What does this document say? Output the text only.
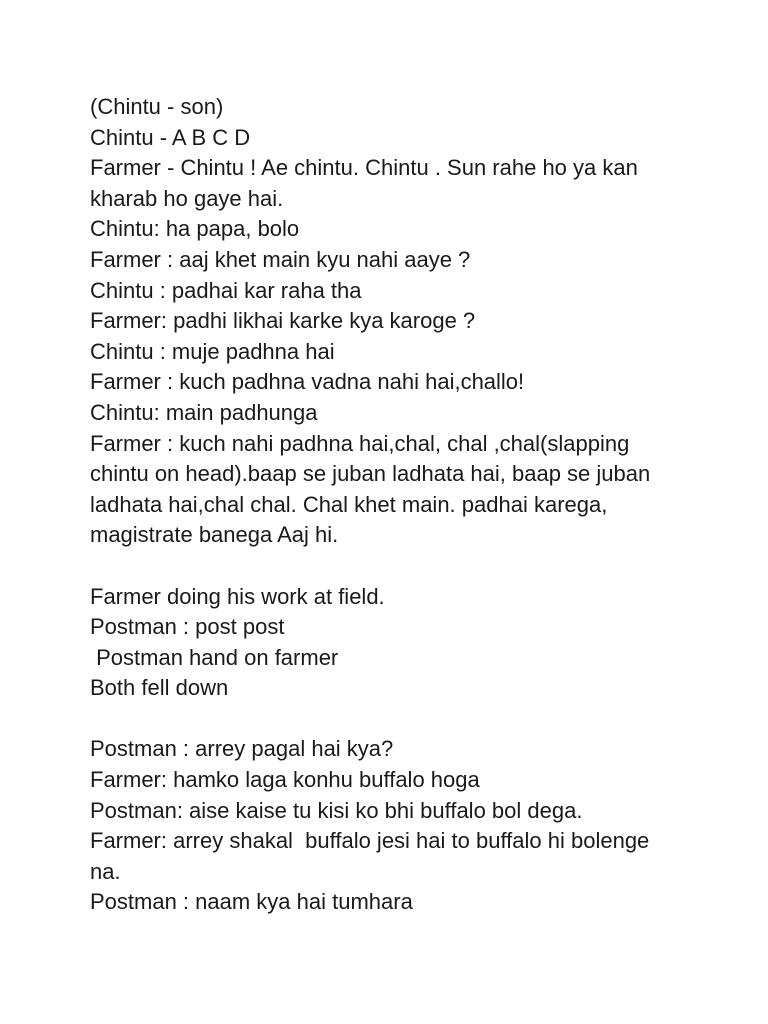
(Chintu - son)
Chintu - A B C D
Farmer - Chintu ! Ae chintu. Chintu . Sun rahe ho ya kan
kharab ho gaye hai.
Chintu: ha papa, bolo
Farmer : aaj khet main kyu nahi aaye ?
Chintu : padhai kar raha tha
Farmer: padhi likhai karke kya karoge ?
Chintu : muje padhna hai
Farmer : kuch padhna vadna nahi hai,challo!
Chintu: main padhunga
Farmer : kuch nahi padhna hai,chal, chal ,chal(slapping
chintu on head).baap se juban ladhata hai, baap se juban
ladhata hai,chal chal. Chal khet main. padhai karega,
magistrate banega Aaj hi.
Farmer doing his work at field.
Postman : post post
Postman hand on farmer
Both fell down
Postman : arrey pagal hai kya?
Farmer: hamko laga konhu buffalo hoga
Postman: aise kaise tu kisi ko bhi buffalo bol dega.
Farmer: arrey shakal  buffalo jesi hai to buffalo hi bolenge
na.
Postman : naam kya hai tumhara
